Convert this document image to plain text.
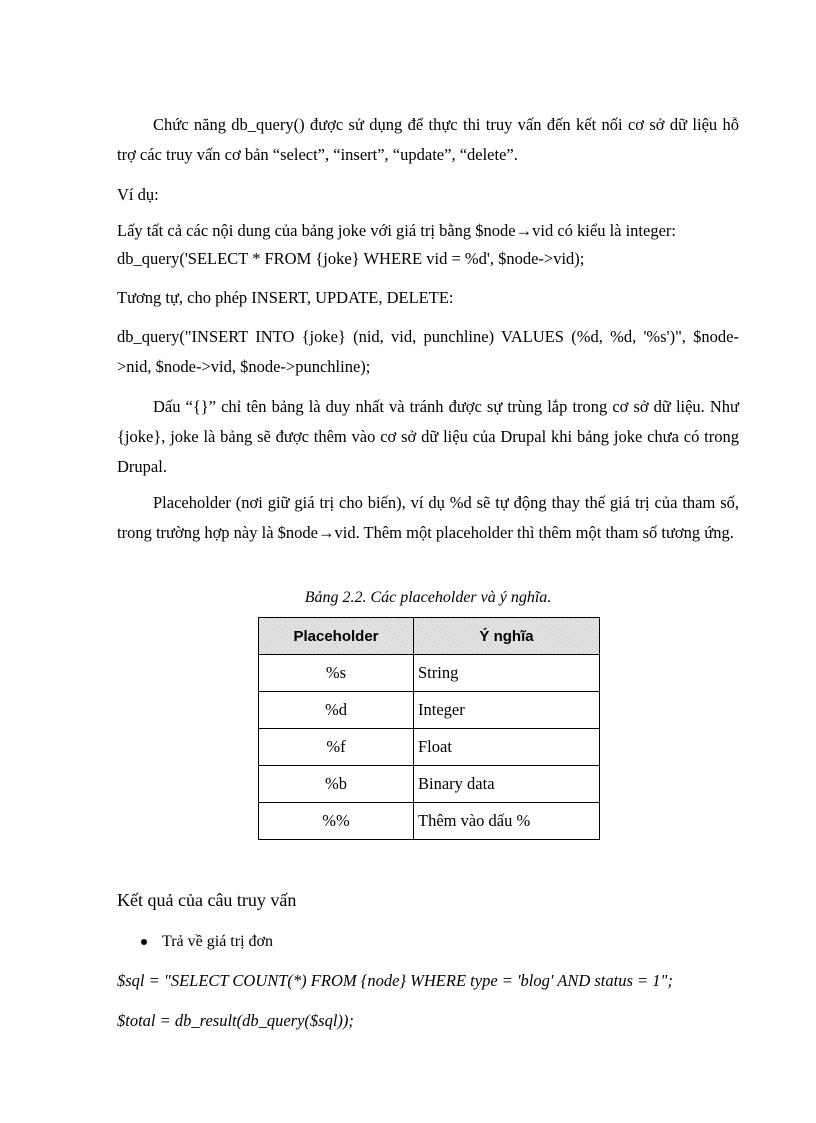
Chức năng db_query() được sử dụng để thực thi truy vấn đến kết nối cơ sở dữ liệu hỗ trợ các truy vấn cơ bản “select”, “insert”, “update”, “delete”.

Ví dụ:

Lấy tất cả các nội dung của bảng joke với giá trị bằng $node→vid có kiểu là integer:

db_query('SELECT * FROM {joke} WHERE vid = %d', $node->vid);

Tương tự, cho phép INSERT, UPDATE, DELETE:

db_query("INSERT INTO {joke} (nid, vid, punchline) VALUES (%d, %d, '%s')", $node->nid, $node->vid, $node->punchline);

Dấu “{}” chỉ tên bảng là duy nhất và tránh được sự trùng lắp trong cơ sở dữ liệu. Như {joke}, joke là bảng sẽ được thêm vào cơ sở dữ liệu của Drupal khi bảng joke chưa có trong Drupal.

Placeholder (nơi giữ giá trị cho biến), ví dụ %d sẽ tự động thay thế giá trị của tham số, trong trường hợp này là $node→vid. Thêm một placeholder thì thêm một tham số tương ứng.

Bảng 2.2. Các placeholder và ý nghĩa.
Placeholder	Ý nghĩa
%s	String
%d	Integer
%f	Float
%b	Binary data
%%	Thêm vào dấu %
Kết quả của câu truy vấn
Trả về giá trị đơn
$sql = "SELECT COUNT(*) FROM {node} WHERE type = 'blog' AND status = 1";
$total = db_result(db_query($sql));
